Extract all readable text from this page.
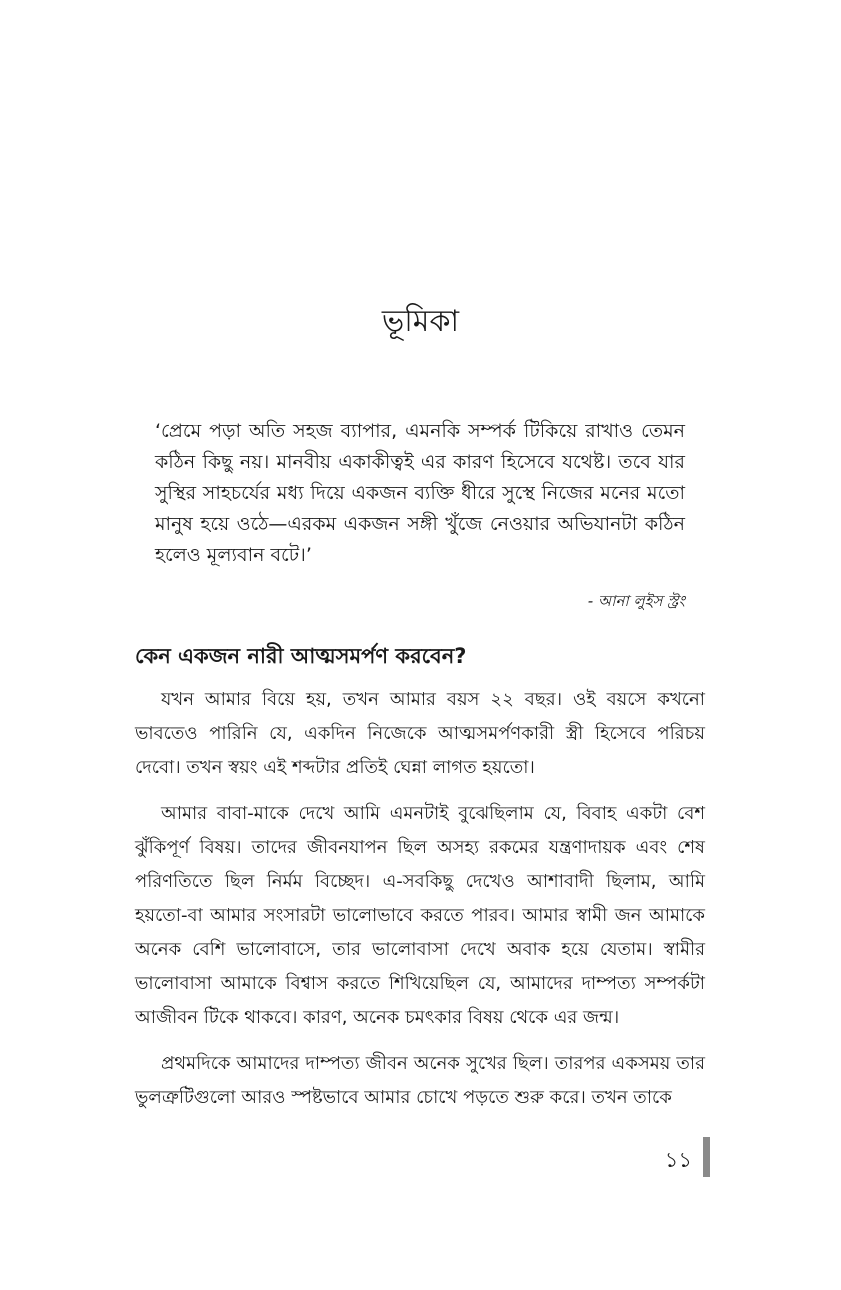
ভূমিকা
‘প্রেমে পড়া অতি সহজ ব্যাপার, এমনকি সম্পর্ক টিকিয়ে রাখাও তেমন কঠিন কিছু নয়। মানবীয় একাকীত্বই এর কারণ হিসেবে যথেষ্ট। তবে যার সুস্থির সাহচর্যের মধ্য দিয়ে একজন ব্যক্তি ধীরে সুস্থে নিজের মনের মতো মানুষ হয়ে ওঠে—এরকম একজন সঙ্গী খুঁজে নেওয়ার অভিযানটা কঠিন হলেও মূল্যবান বটে।’
- আনা লুইস স্ট্রং
কেন একজন নারী আত্মসমর্পণ করবেন?

যখন আমার বিয়ে হয়, তখন আমার বয়স ২২ বছর। ওই বয়সে কখনো ভাবতেও পারিনি যে, একদিন নিজেকে আত্মসমর্পণকারী স্ত্রী হিসেবে পরিচয় দেবো। তখন স্বয়ং এই শব্দটার প্রতিই ঘেন্না লাগত হয়তো।

আমার বাবা-মাকে দেখে আমি এমনটাই বুঝেছিলাম যে, বিবাহ একটা বেশ ঝুঁকিপূর্ণ বিষয়। তাদের জীবনযাপন ছিল অসহ্য রকমের যন্ত্রণাদায়ক এবং শেষ পরিণতিতে ছিল নির্মম বিচ্ছেদ। এ-সবকিছু দেখেও আশাবাদী ছিলাম, আমি হয়তো-বা আমার সংসারটা ভালোভাবে করতে পারব। আমার স্বামী জন আমাকে অনেক বেশি ভালোবাসে, তার ভালোবাসা দেখে অবাক হয়ে যেতাম। স্বামীর ভালোবাসা আমাকে বিশ্বাস করতে শিখিয়েছিল যে, আমাদের দাম্পত্য সম্পর্কটা আজীবন টিকে থাকবে। কারণ, অনেক চমৎকার বিষয় থেকে এর জন্ম।

প্রথমদিকে আমাদের দাম্পত্য জীবন অনেক সুখের ছিল। তারপর একসময় তার ভুলত্রুটিগুলো আরও স্পষ্টভাবে আমার চোখে পড়তে শুরু করে। তখন তাকে

১১
